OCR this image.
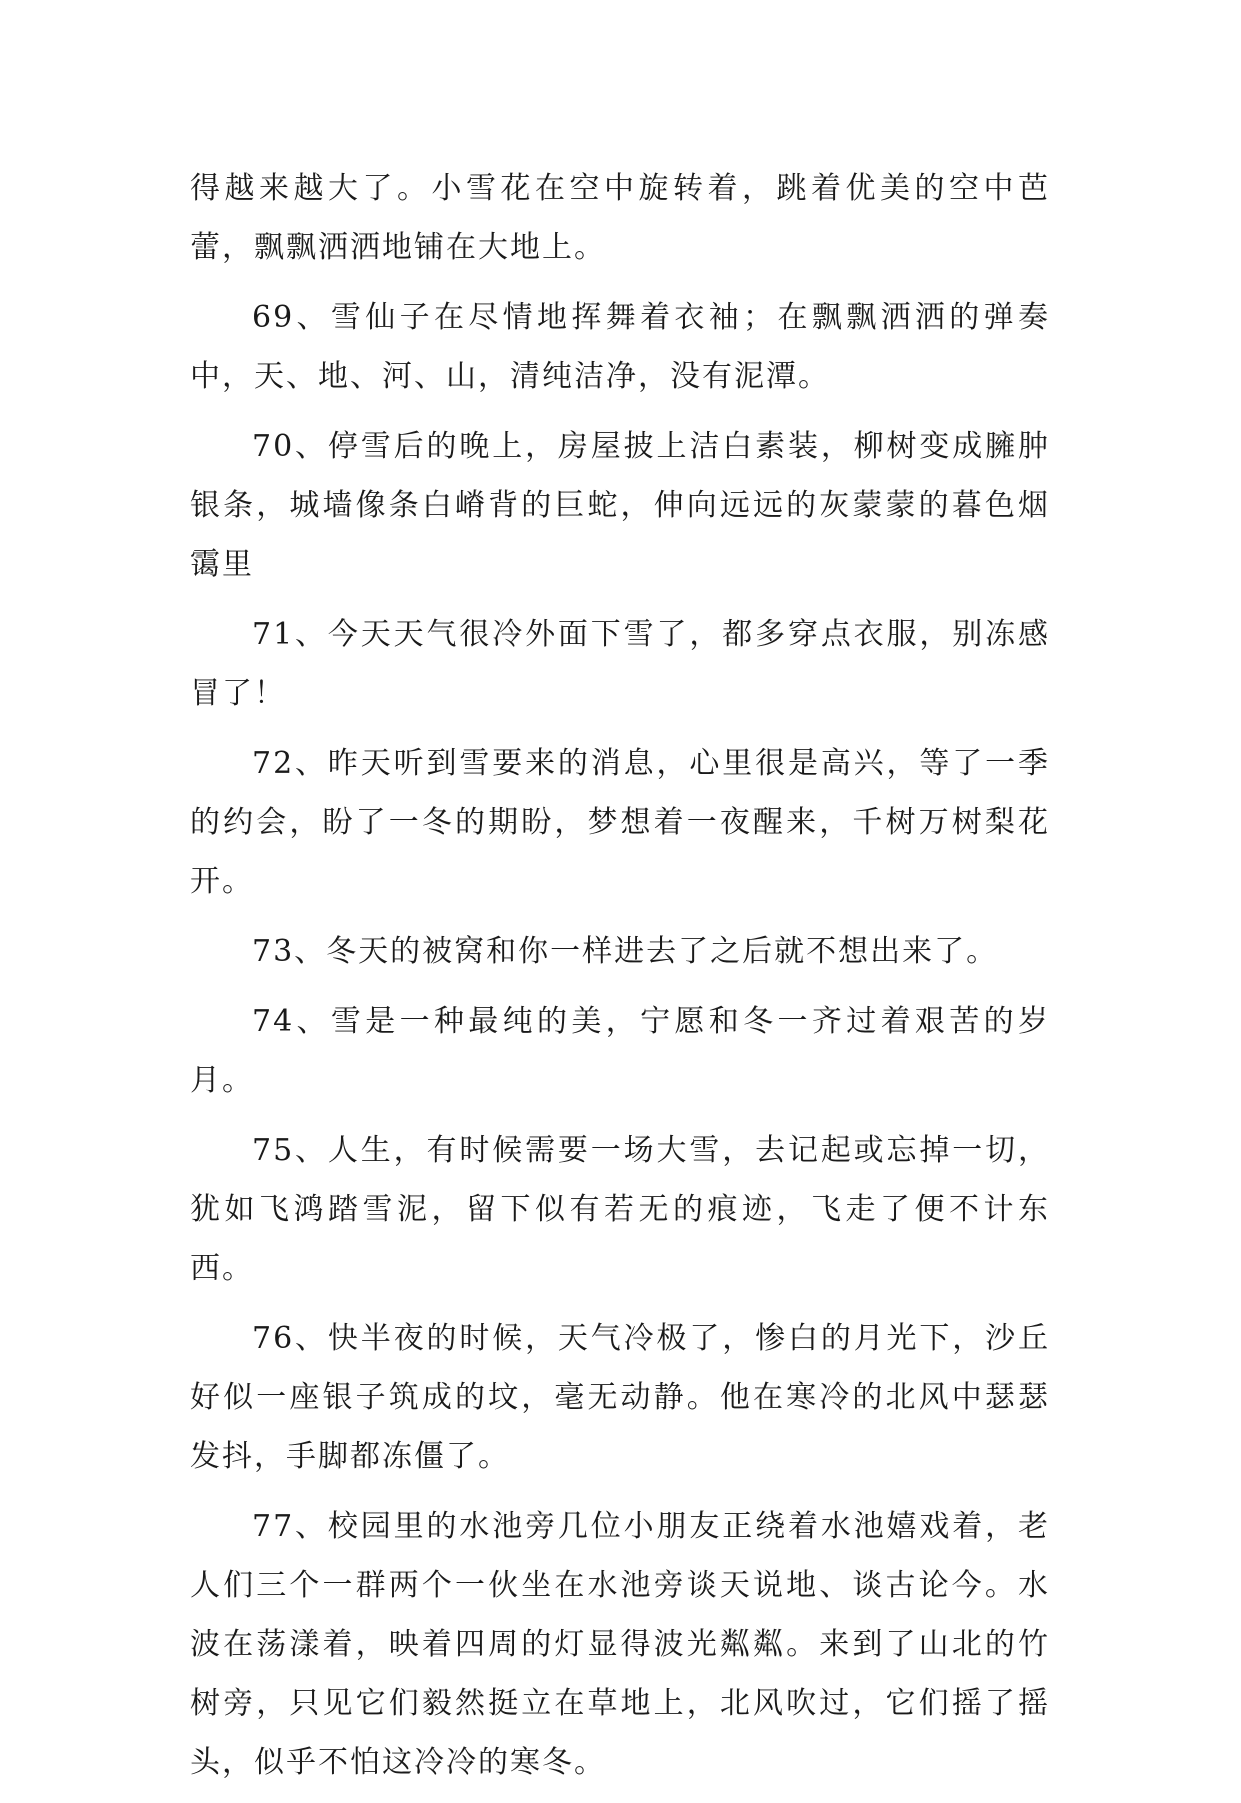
得越来越大了。小雪花在空中旋转着，跳着优美的空中芭蕾，飘飘洒洒地铺在大地上。

69、雪仙子在尽情地挥舞着衣袖；在飘飘洒洒的弹奏中，天、地、河、山，清纯洁净，没有泥潭。

70、停雪后的晚上，房屋披上洁白素装，柳树变成臃肿银条，城墙像条白嵴背的巨蛇，伸向远远的灰蒙蒙的暮色烟霭里

71、今天天气很冷外面下雪了，都多穿点衣服，别冻感冒了！

72、昨天听到雪要来的消息，心里很是高兴，等了一季的约会，盼了一冬的期盼，梦想着一夜醒来，千树万树梨花开。

73、冬天的被窝和你一样进去了之后就不想出来了。

74、雪是一种最纯的美，宁愿和冬一齐过着艰苦的岁月。

75、人生，有时候需要一场大雪，去记起或忘掉一切，犹如飞鸿踏雪泥，留下似有若无的痕迹，飞走了便不计东西。

76、快半夜的时候，天气冷极了，惨白的月光下，沙丘好似一座银子筑成的坟，毫无动静。他在寒冷的北风中瑟瑟发抖，手脚都冻僵了。

77、校园里的水池旁几位小朋友正绕着水池嬉戏着，老人们三个一群两个一伙坐在水池旁谈天说地、谈古论今。水波在荡漾着，映着四周的灯显得波光粼粼。来到了山北的竹树旁，只见它们毅然挺立在草地上，北风吹过，它们摇了摇头，似乎不怕这冷冷的寒冬。
